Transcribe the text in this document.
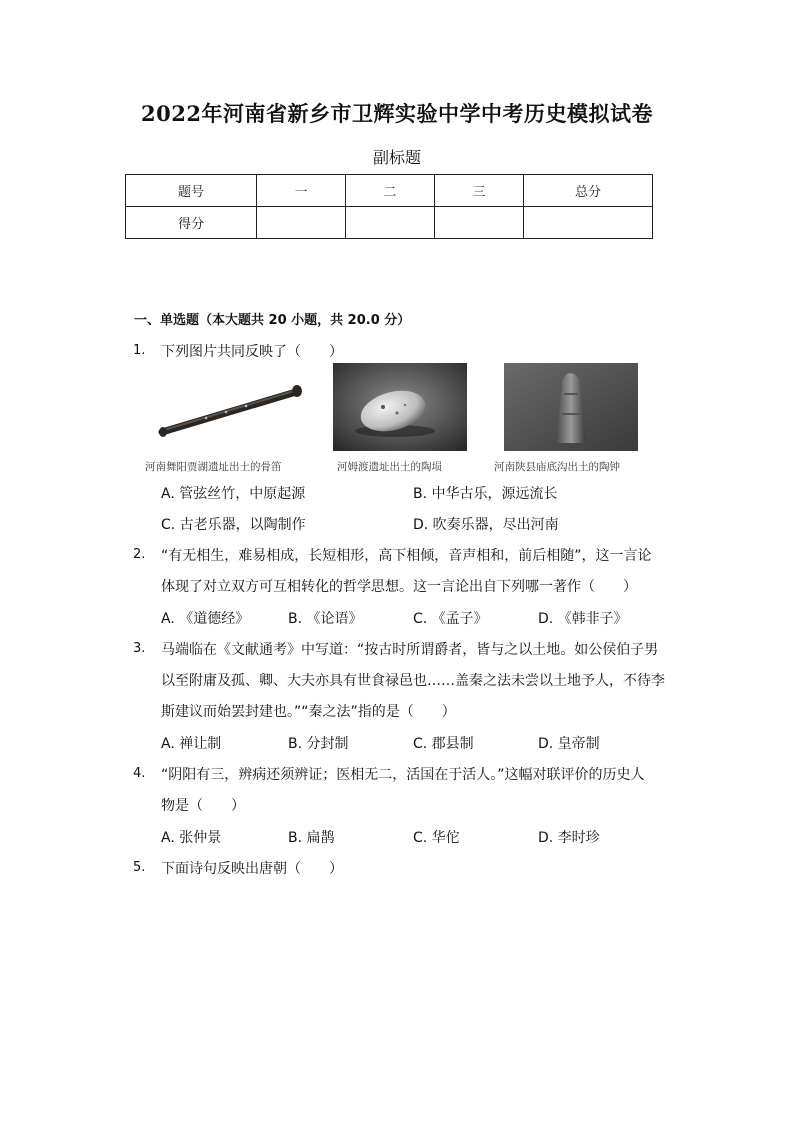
2022年河南省新乡市卫辉实验中学中考历史模拟试卷
副标题
题号	一	二	三	总分
得分				
一、单选题（本大题共 20 小题，共 20.0 分）
1. 下列图片共同反映了（　　）
河南舞阳贾湖遗址出土的骨笛	河姆渡遗址出土的陶埙	河南陕县庙底沟出土的陶钟
A. 管弦丝竹，中原起源	B. 中华古乐，源远流长
C. 古老乐器，以陶制作	D. 吹奏乐器，尽出河南
2. “有无相生，难易相成，长短相形，高下相倾，音声相和，前后相随”，这一言论
体现了对立双方可互相转化的哲学思想。这一言论出自下列哪一著作（　　）
A. 《道德经》	B. 《论语》	C. 《孟子》	D. 《韩非子》
3. 马端临在《文献通考》中写道：“按古时所谓爵者，皆与之以土地。如公侯伯子男
以至附庸及孤、卿、大夫亦具有世食禄邑也……盖秦之法未尝以土地予人，不待李
斯建议而始罢封建也。”“秦之法”指的是（　　）
A. 禅让制	B. 分封制	C. 郡县制	D. 皇帝制
4. “阴阳有三，辨病还须辨证；医相无二，活国在于活人。”这幅对联评价的历史人
物是（　　）
A. 张仲景	B. 扁鹊	C. 华佗	D. 李时珍
5. 下面诗句反映出唐朝（　　）
